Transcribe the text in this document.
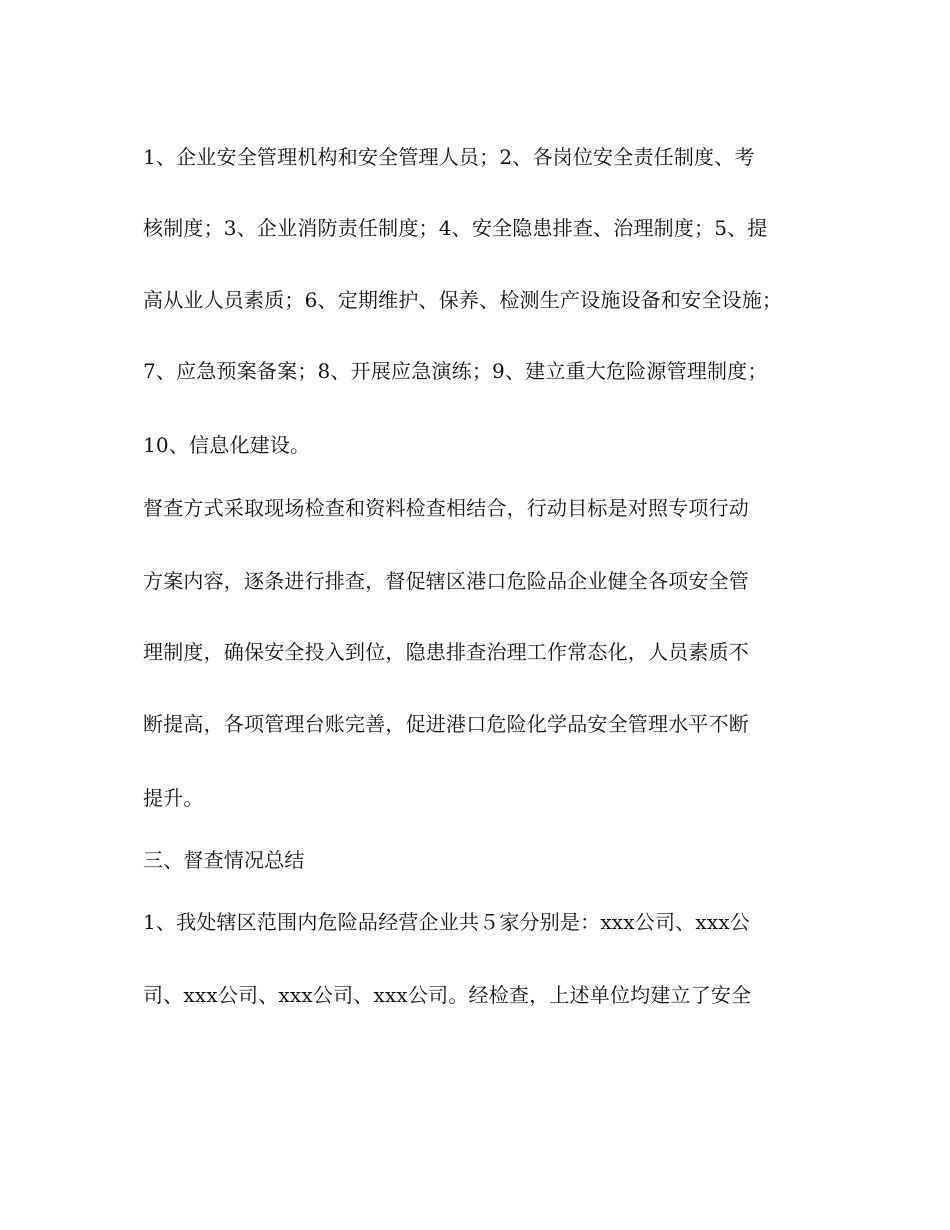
1、企业安全管理机构和安全管理人员；2、各岗位安全责任制度、考
核制度；3、企业消防责任制度；4、安全隐患排查、治理制度；5、提
高从业人员素质；6、定期维护、保养、检测生产设施设备和安全设施；
7、应急预案备案；8、开展应急演练；9、建立重大危险源管理制度；
10、信息化建设。
督查方式采取现场检查和资料检查相结合，行动目标是对照专项行动
方案内容，逐条进行排查，督促辖区港口危险品企业健全各项安全管
理制度，确保安全投入到位，隐患排查治理工作常态化，人员素质不
断提高，各项管理台账完善，促进港口危险化学品安全管理水平不断
提升。
三、督查情况总结
1、我处辖区范围内危险品经营企业共５家分别是：xxx公司、xxx公
司、xxx公司、xxx公司、xxx公司。经检查，上述单位均建立了安全
